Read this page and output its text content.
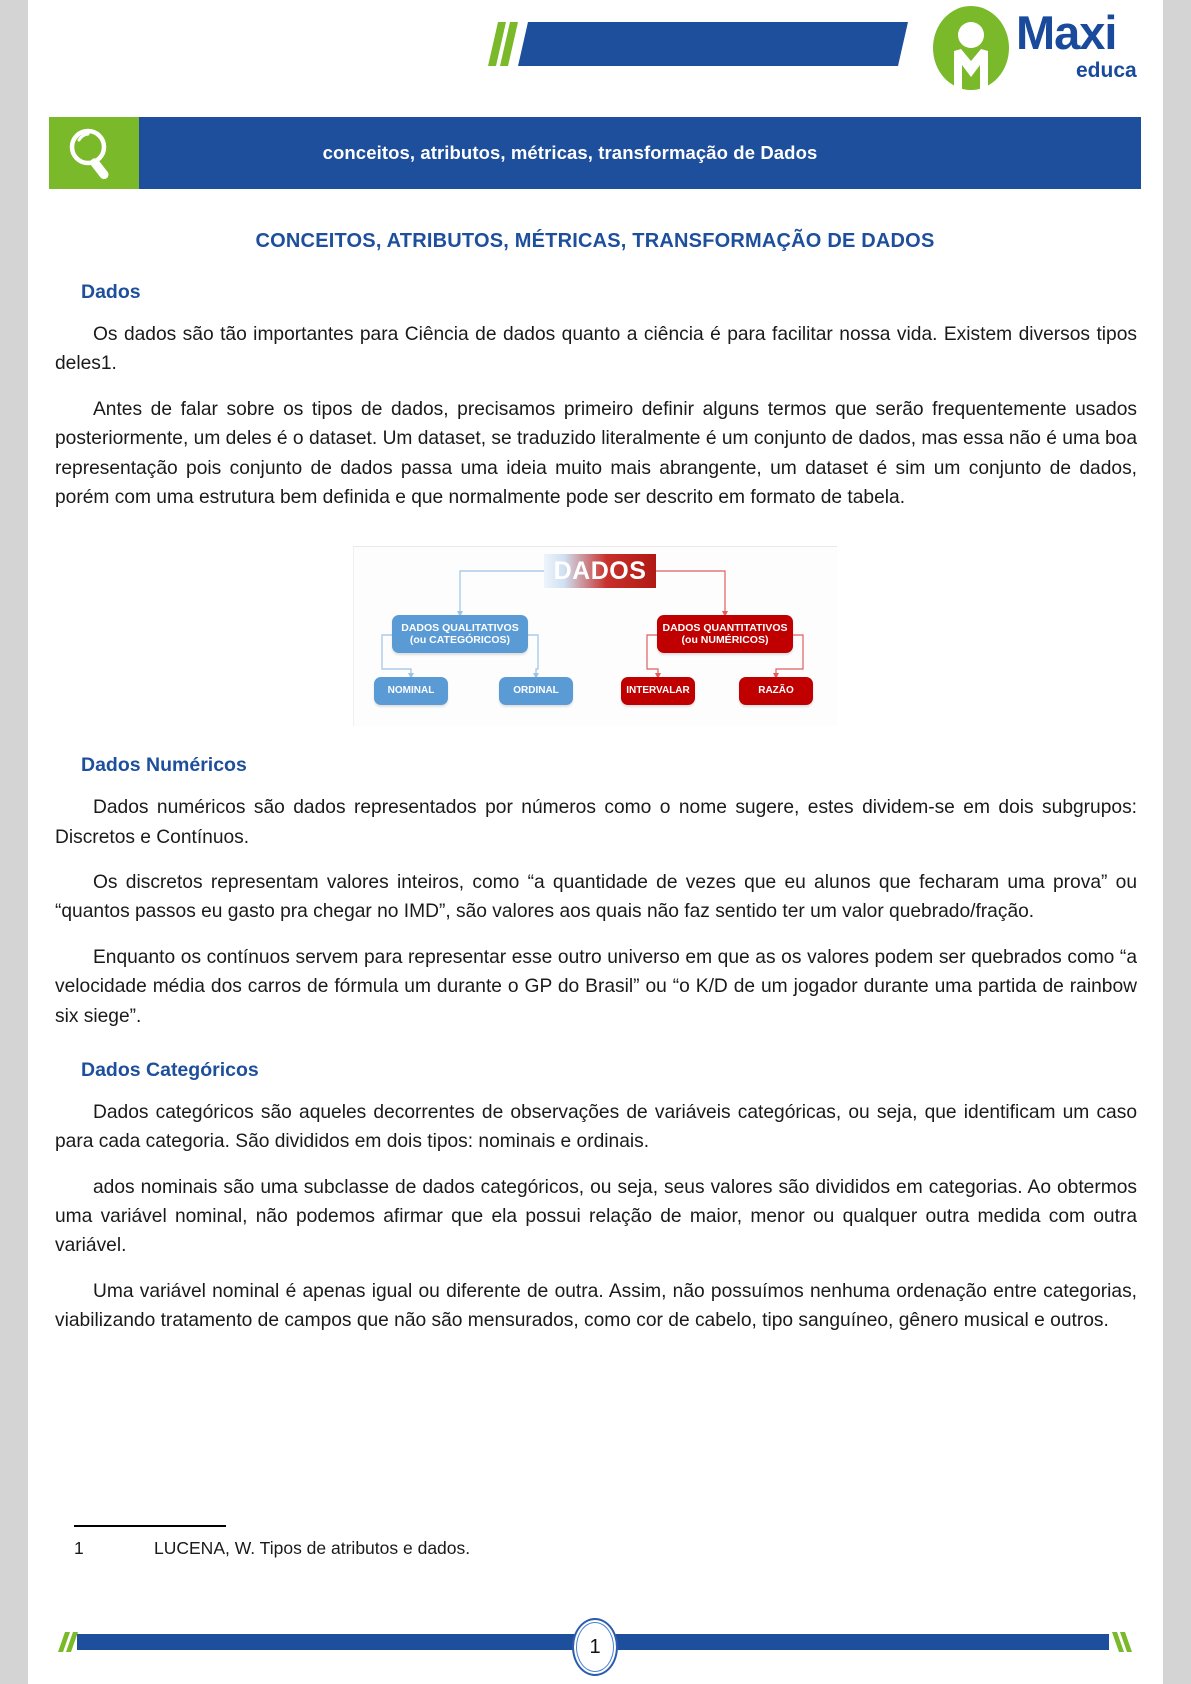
Maxi
educa
conceitos, atributos, métricas, transformação de Dados
CONCEITOS, ATRIBUTOS, MÉTRICAS, TRANSFORMAÇÃO DE DADOS
Dados

Os dados são tão importantes para Ciência de dados quanto a ciência é para facilitar nossa vida. Existem diversos tipos deles1.

Antes de falar sobre os tipos de dados, precisamos primeiro definir alguns termos que serão frequentemente usados posteriormente, um deles é o dataset. Um dataset, se traduzido literalmente é um conjunto de dados, mas essa não é uma boa representação pois conjunto de dados passa uma ideia muito mais abrangente, um dataset é sim um conjunto de dados, porém com uma estrutura bem definida e que normalmente pode ser descrito em formato de tabela.

DADOS
DADOS QUALITATIVOS
(ou CATEGÓRICOS)
DADOS QUANTITATIVOS
(ou NUMÉRICOS)
NOMINAL	ORDINAL	INTERVALAR	RAZÃO
Dados Numéricos

Dados numéricos são dados representados por números como o nome sugere, estes dividem-se em dois subgrupos: Discretos e Contínuos.

Os discretos representam valores inteiros, como “a quantidade de vezes que eu alunos que fecharam uma prova” ou “quantos passos eu gasto pra chegar no IMD”, são valores aos quais não faz sentido ter um valor quebrado/fração.

Enquanto os contínuos servem para representar esse outro universo em que as os valores podem ser quebrados como “a velocidade média dos carros de fórmula um durante o GP do Brasil” ou “o K/D de um jogador durante uma partida de rainbow six siege”.

Dados Categóricos

Dados categóricos são aqueles decorrentes de observações de variáveis categóricas, ou seja, que identificam um caso para cada categoria. São divididos em dois tipos: nominais e ordinais.

ados nominais são uma subclasse de dados categóricos, ou seja, seus valores são divididos em categorias. Ao obtermos uma variável nominal, não podemos afirmar que ela possui relação de maior, menor ou qualquer outra medida com outra variável.

Uma variável nominal é apenas igual ou diferente de outra. Assim, não possuímos nenhuma ordenação entre categorias, viabilizando tratamento de campos que não são mensurados, como cor de cabelo, tipo sanguíneo, gênero musical e outros.

1	LUCENA, W. Tipos de atributos e dados.
1
